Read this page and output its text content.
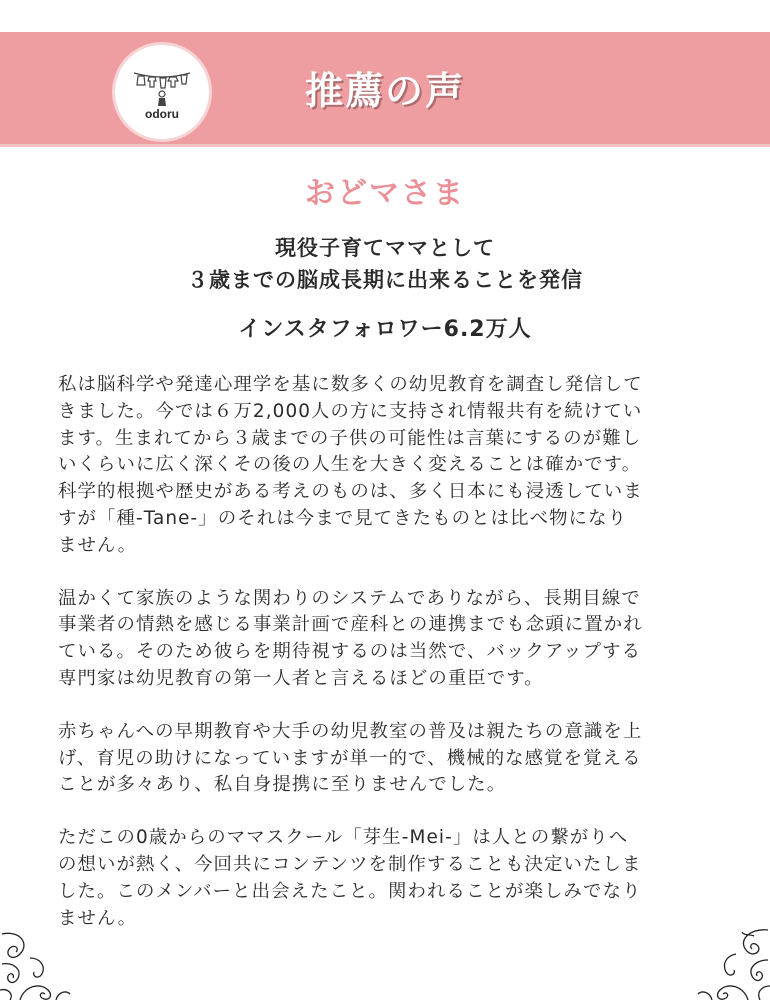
odoru
推薦の声
おどマさま
現役子育てママとして
３歳までの脳成長期に出来ることを発信
インスタフォロワー6.2万人
私は脳科学や発達心理学を基に数多くの幼児教育を調査し発信して
きました。今では６万2,000人の方に支持され情報共有を続けてい
ます。生まれてから３歳までの子供の可能性は言葉にするのが難し
いくらいに広く深くその後の人生を大きく変えることは確かです。
科学的根拠や歴史がある考えのものは、多く日本にも浸透していま
すが「種-Tane-」のそれは今まで見てきたものとは比べ物になり
ません。
温かくて家族のような関わりのシステムでありながら、長期目線で
事業者の情熱を感じる事業計画で産科との連携までも念頭に置かれ
ている。そのため彼らを期待視するのは当然で、バックアップする
専門家は幼児教育の第一人者と言えるほどの重臣です。
赤ちゃんへの早期教育や大手の幼児教室の普及は親たちの意識を上
げ、育児の助けになっていますが単一的で、機械的な感覚を覚える
ことが多々あり、私自身提携に至りませんでした。
ただこの0歳からのママスクール「芽生-Mei-」は人との繋がりへ
の想いが熱く、今回共にコンテンツを制作することも決定いたしま
した。このメンバーと出会えたこと。関われることが楽しみでなり
ません。
